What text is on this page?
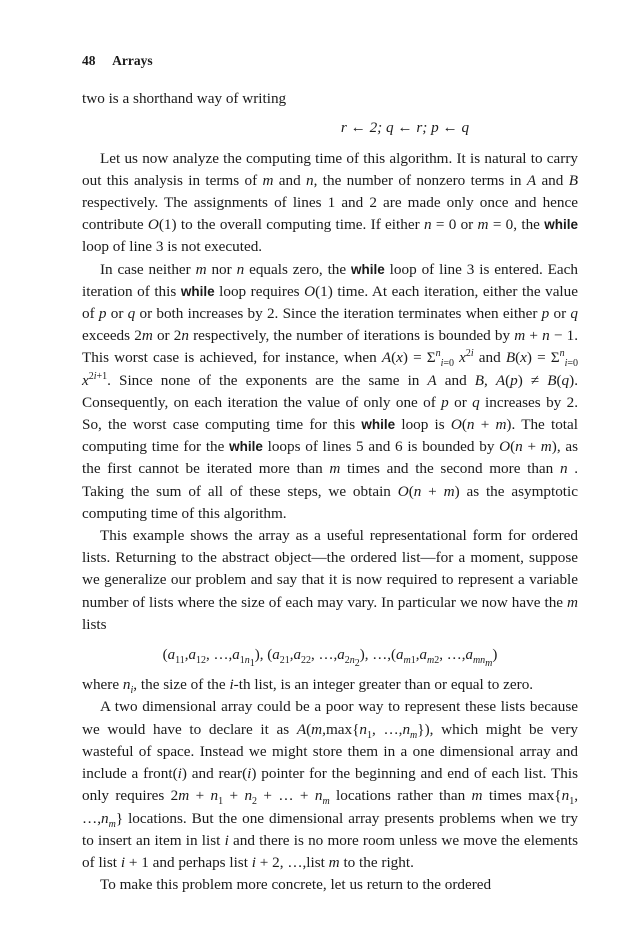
48 Arrays

two is a shorthand way of writing

r ← 2; q ← r; p ← q

Let us now analyze the computing time of this algorithm. It is natural to carry out this analysis in terms of m and n, the number of nonzero terms in A and B respectively. The assignments of lines 1 and 2 are made only once and hence contribute O(1) to the overall computing time. If either n = 0 or m = 0, the while loop of line 3 is not executed.

In case neither m nor n equals zero, the while loop of line 3 is entered. Each iteration of this while loop requires O(1) time. At each iteration, either the value of p or q or both increases by 2. Since the iteration terminates when either p or q exceeds 2m or 2n respectively, the number of iterations is bounded by m + n − 1. This worst case is achieved, for instance, when $A(x) = \Sigma^n_{i=0}$ $x^{2i}$ and $B(x) = \Sigma^n_{i=0}$ $x^{2i+1}$. Since none of the exponents are the same in A and B, A(p) ≠ B(q). Consequently, on each iteration the value of only one of p or q increases by 2. So, the worst case computing time for this while loop is O(n + m). The total computing time for the while loops of lines 5 and 6 is bounded by O(n + m), as the first cannot be iterated more than m times and the second more than n . Taking the sum of all of these steps, we obtain O(n + m) as the asymptotic computing time of this algorithm.

This example shows the array as a useful representational form for ordered lists. Returning to the abstract object—the ordered list—for a moment, suppose we generalize our problem and say that it is now required to represent a variable number of lists where the size of each may vary. In particular we now have the m lists

($a_{11},a_{12}$, $\dots,a_{1n_1}$), ($a_{21},a_{22}$, $\dots,a_{2n_2}$), $\dots,(a_{m1},a_{m2}$, $\dots,a_{mn_m}$)

where $n_i$, the size of the i-th list, is an integer greater than or equal to zero.

A two dimensional array could be a poor way to represent these lists because we would have to declare it as $A(m,\max\{n_1$, $\dots,n_m$}), which might be very wasteful of space. Instead we might store them in a one dimensional array and include a front(i) and rear(i) pointer for the beginning and end of each list. This only requires $2m + n_1 + n_2$ + … + $n_m$ locations rather than m times $\max\{n_1$, $\dots,n_m$} locations. But the one dimensional array presents problems when we try to insert an item in list i and there is no more room unless we move the elements of list i + 1 and perhaps list i + 2, …,list m to the right.

To make this problem more concrete, let us return to the ordered
